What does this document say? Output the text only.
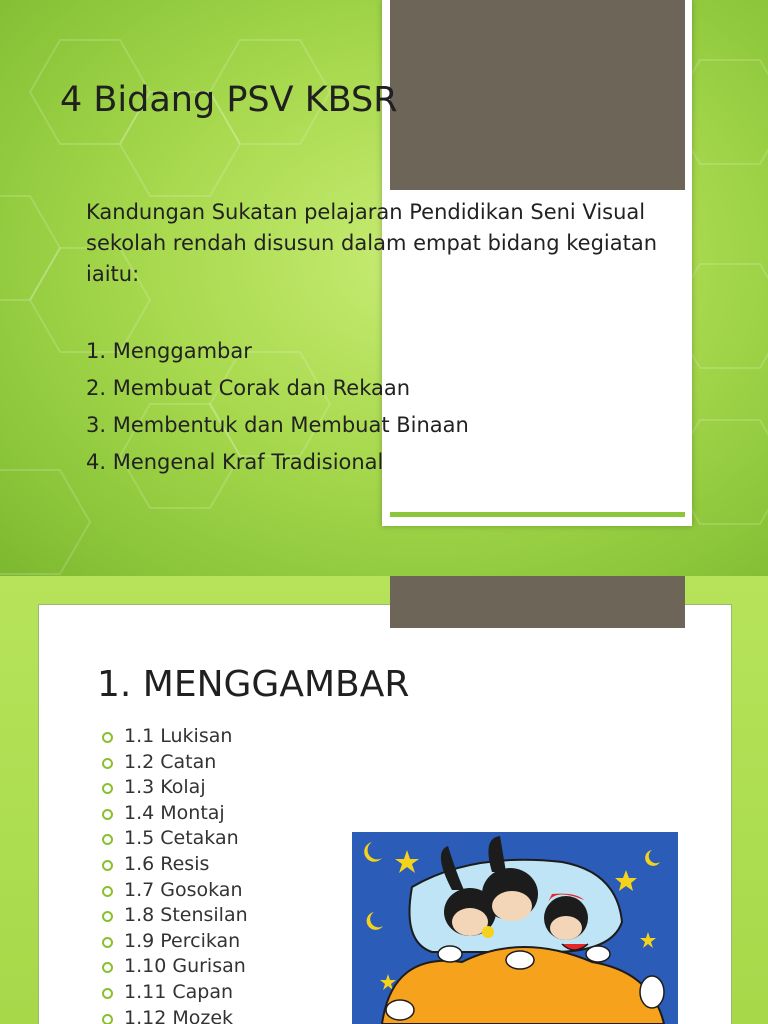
4 Bidang PSV KBSR

Kandungan Sukatan pelajaran Pendidikan Seni Visual sekolah rendah disusun dalam empat bidang kegiatan iaitu:

1. Menggambar
2. Membuat Corak dan Rekaan
3. Membentuk dan Membuat Binaan
4. Mengenal Kraf Tradisional
1. MENGGAMBAR
1.1 Lukisan
1.2 Catan
1.3 Kolaj
1.4 Montaj
1.5 Cetakan
1.6 Resis
1.7 Gosokan
1.8 Stensilan
1.9 Percikan
1.10 Gurisan
1.11 Capan
1.12 Mozek
